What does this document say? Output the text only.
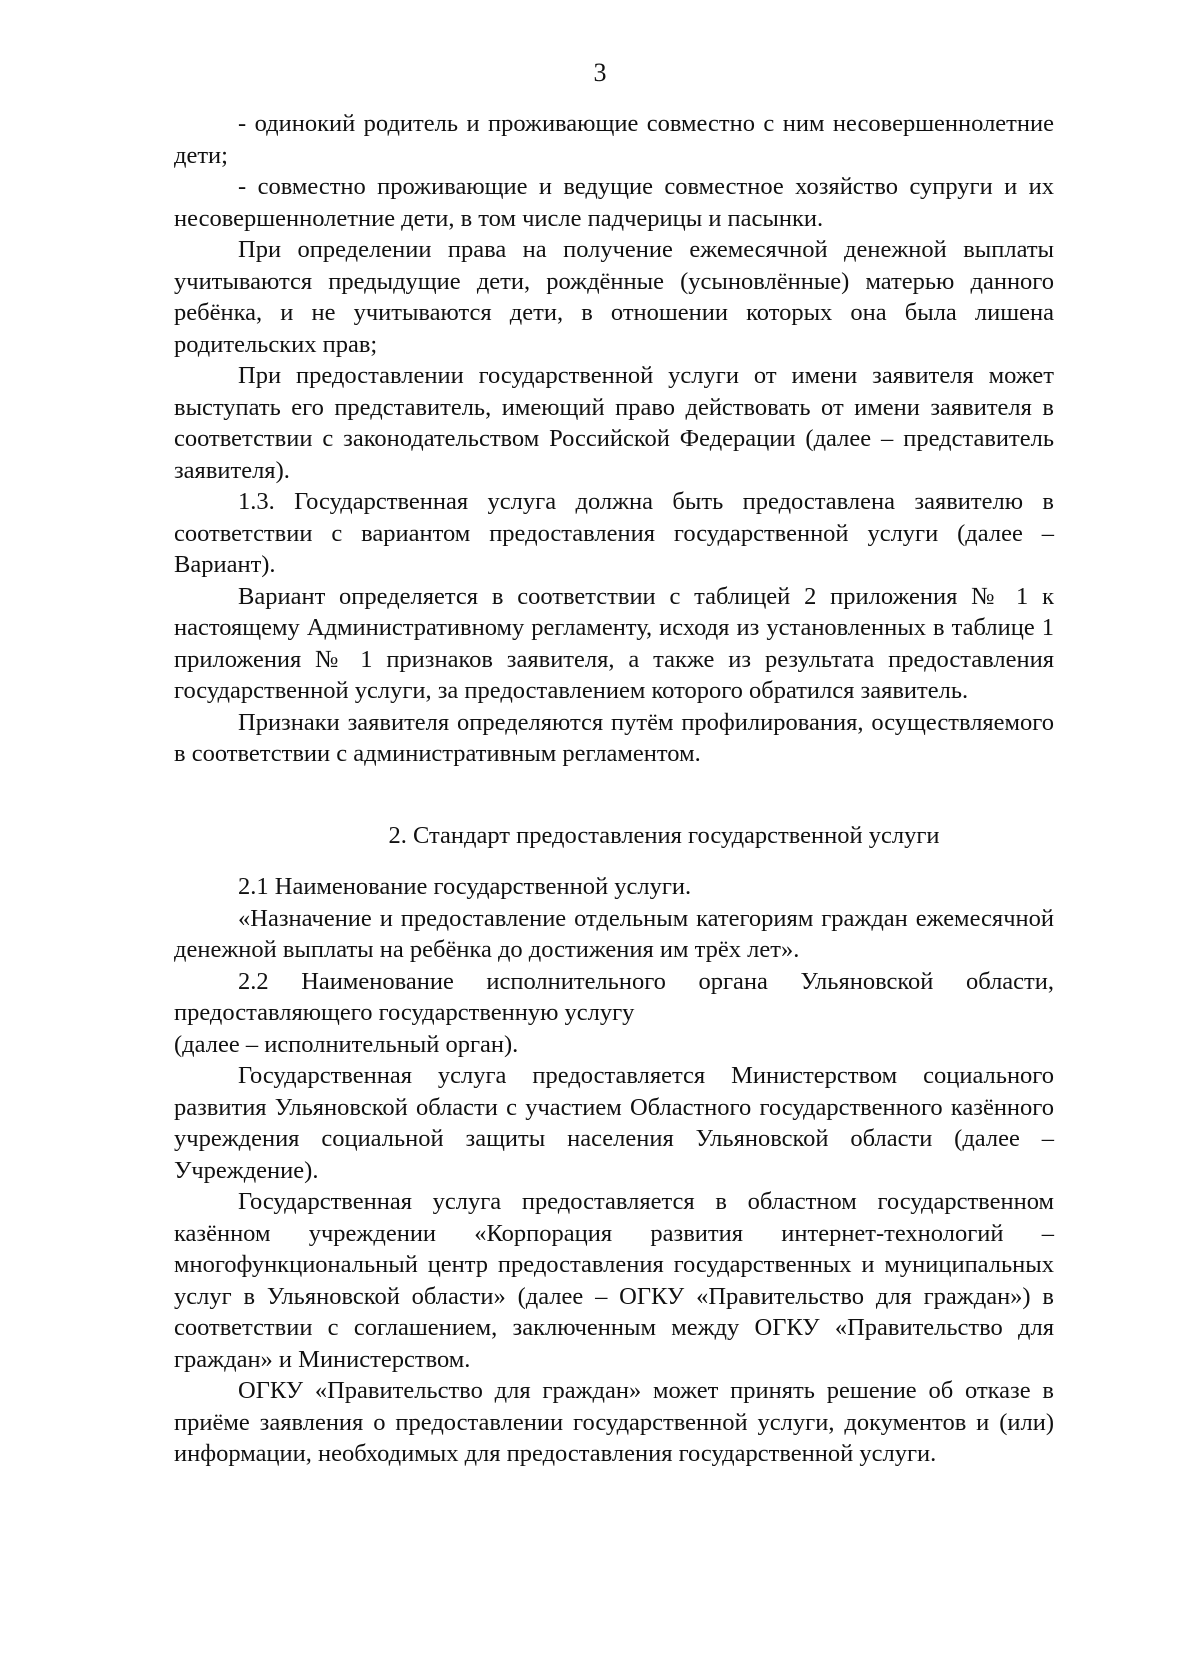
3

- одинокий родитель и проживающие совместно с ним несовершеннолетние дети;

- совместно проживающие и ведущие совместное хозяйство супруги и их несовершеннолетние дети, в том числе падчерицы и пасынки.

При определении права на получение ежемесячной денежной выплаты учитываются предыдущие дети, рождённые (усыновлённые) матерью данного ребёнка, и не учитываются дети, в отношении которых она была лишена родительских прав;

При предоставлении государственной услуги от имени заявителя может выступать его представитель, имеющий право действовать от имени заявителя в соответствии с законодательством Российской Федерации (далее – представитель заявителя).

1.3. Государственная услуга должна быть предоставлена заявителю в соответствии с вариантом предоставления государственной услуги (далее – Вариант).

Вариант определяется в соответствии с таблицей 2 приложения № 1 к настоящему Административному регламенту, исходя из установленных в таблице 1 приложения № 1 признаков заявителя, а также из результата предоставления государственной услуги, за предоставлением которого обратился заявитель.

Признаки заявителя определяются путём профилирования, осуществляемого в соответствии с административным регламентом.

2. Стандарт предоставления государственной услуги

2.1 Наименование государственной услуги.

«Назначение и предоставление отдельным категориям граждан ежемесячной денежной выплаты на ребёнка до достижения им трёх лет».

2.2 Наименование исполнительного органа Ульяновской области, предоставляющего государственную услугу

(далее – исполнительный орган).

Государственная услуга предоставляется Министерством социального развития Ульяновской области с участием Областного государственного казённого учреждения социальной защиты населения Ульяновской области (далее – Учреждение).

Государственная услуга предоставляется в областном государственном казённом учреждении «Корпорация развития интернет-технологий – многофункциональный центр предоставления государственных и муниципальных услуг в Ульяновской области» (далее – ОГКУ «Правительство для граждан») в соответствии с соглашением, заключенным между ОГКУ «Правительство для граждан» и Министерством.

ОГКУ «Правительство для граждан» может принять решение об отказе в приёме заявления о предоставлении государственной услуги, документов и (или) информации, необходимых для предоставления государственной услуги.
